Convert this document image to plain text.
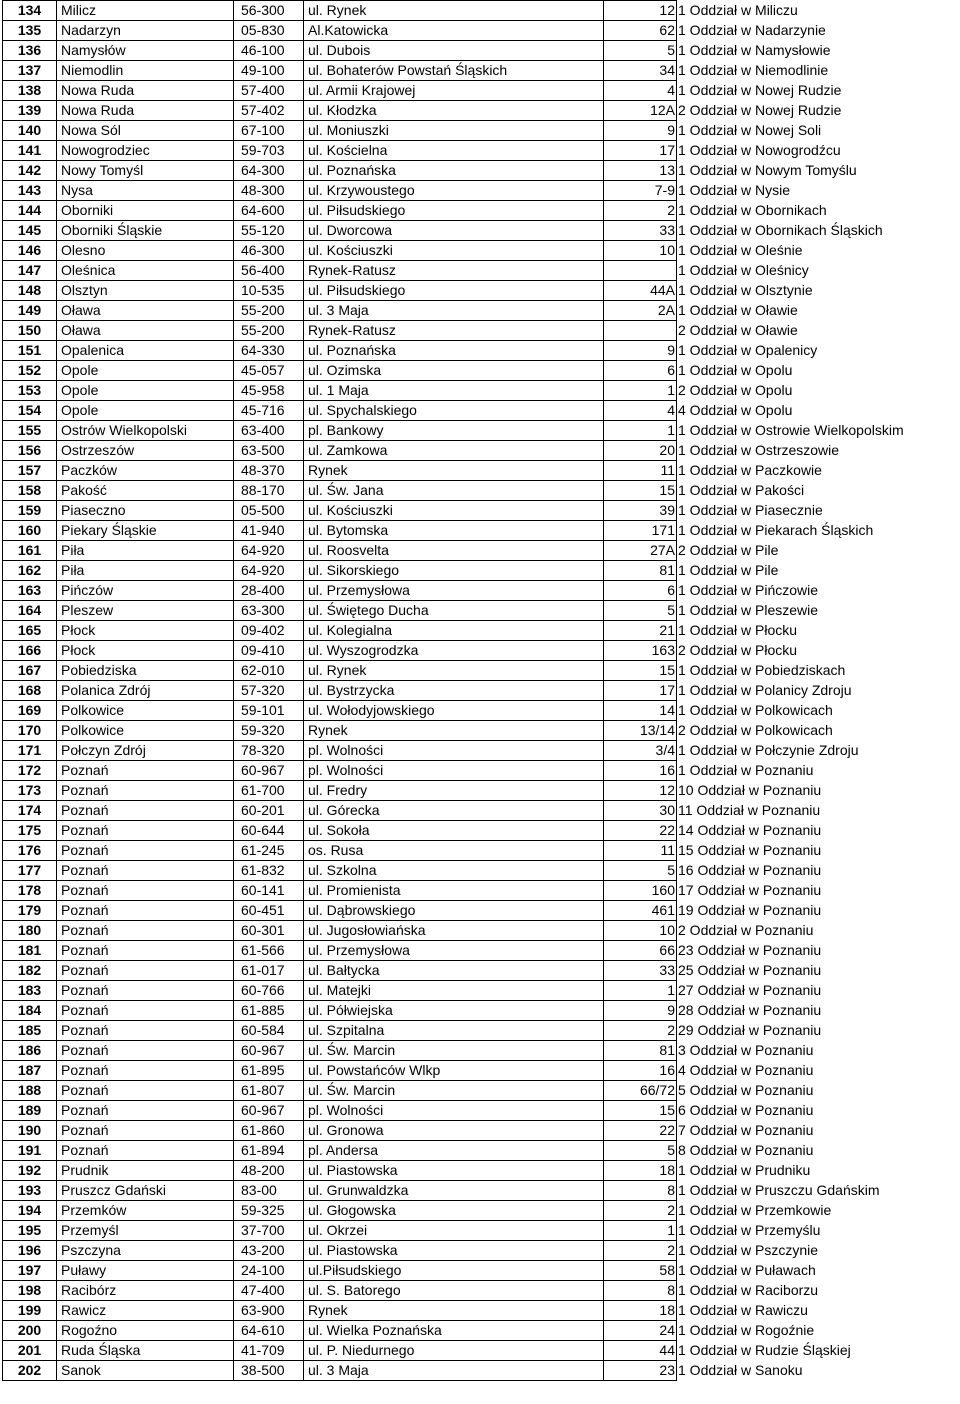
134	Milicz	56-300	ul. Rynek	12	1 Oddział w Miliczu
135	Nadarzyn	05-830	Al.Katowicka	62	1 Oddział w Nadarzynie
136	Namysłów	46-100	ul. Dubois	5	1 Oddział w Namysłowie
137	Niemodlin	49-100	ul. Bohaterów Powstań Śląskich	34	1 Oddział w Niemodlinie
138	Nowa Ruda	57-400	ul. Armii Krajowej	4	1 Oddział w Nowej Rudzie
139	Nowa Ruda	57-402	ul. Kłodzka	12A	2 Oddział w Nowej Rudzie
140	Nowa Sól	67-100	ul. Moniuszki	9	1 Oddział w Nowej Soli
141	Nowogrodziec	59-703	ul. Kościelna	17	1 Oddział w Nowogrodźcu
142	Nowy Tomyśl	64-300	ul. Poznańska	13	1 Oddział w Nowym Tomyślu
143	Nysa	48-300	ul. Krzywoustego	7-9	1 Oddział w Nysie
144	Oborniki	64-600	ul. Piłsudskiego	2	1 Oddział w Obornikach
145	Oborniki Śląskie	55-120	ul. Dworcowa	33	1 Oddział w Obornikach Śląskich
146	Olesno	46-300	ul. Kościuszki	10	1 Oddział w Oleśnie
147	Oleśnica	56-400	Rynek-Ratusz		1 Oddział w Oleśnicy
148	Olsztyn	10-535	ul. Piłsudskiego	44A	1 Oddział w Olsztynie
149	Oława	55-200	ul. 3 Maja	2A	1 Oddział w Oławie
150	Oława	55-200	Rynek-Ratusz		2 Oddział w Oławie
151	Opalenica	64-330	ul. Poznańska	9	1 Oddział w Opalenicy
152	Opole	45-057	ul. Ozimska	6	1 Oddział w Opolu
153	Opole	45-958	ul. 1 Maja	1	2 Oddział w Opolu
154	Opole	45-716	ul. Spychalskiego	4	4 Oddział w Opolu
155	Ostrów Wielkopolski	63-400	pl. Bankowy	1	1 Oddział w Ostrowie Wielkopolskim
156	Ostrzeszów	63-500	ul. Zamkowa	20	1 Oddział w Ostrzeszowie
157	Paczków	48-370	Rynek	11	1 Oddział w Paczkowie
158	Pakość	88-170	ul. Św. Jana	15	1 Oddział w Pakości
159	Piaseczno	05-500	ul. Kościuszki	39	1 Oddział w Piasecznie
160	Piekary Śląskie	41-940	ul. Bytomska	171	1 Oddział w Piekarach Śląskich
161	Piła	64-920	ul. Roosvelta	27A	2 Oddział w Pile
162	Piła	64-920	ul. Sikorskiego	81	1 Oddział w Pile
163	Pińczów	28-400	ul. Przemysłowa	6	1 Oddział w Pińczowie
164	Pleszew	63-300	ul. Świętego Ducha	5	1 Oddział w Pleszewie
165	Płock	09-402	ul. Kolegialna	21	1 Oddział w Płocku
166	Płock	09-410	ul. Wyszogrodzka	163	2 Oddział w Płocku
167	Pobiedziska	62-010	ul. Rynek	15	1 Oddział w Pobiedziskach
168	Polanica Zdrój	57-320	ul. Bystrzycka	17	1 Oddział w Polanicy Zdroju
169	Polkowice	59-101	ul. Wołodyjowskiego	14	1 Oddział w Polkowicach
170	Polkowice	59-320	Rynek	13/14	2 Oddział w Polkowicach
171	Połczyn Zdrój	78-320	pl. Wolności	3/4	1 Oddział w Połczynie Zdroju
172	Poznań	60-967	pl. Wolności	16	1 Oddział w Poznaniu
173	Poznań	61-700	ul. Fredry	12	10 Oddział w Poznaniu
174	Poznań	60-201	ul. Górecka	30	11 Oddział w Poznaniu
175	Poznań	60-644	ul. Sokoła	22	14 Oddział w Poznaniu
176	Poznań	61-245	os. Rusa	11	15 Oddział w Poznaniu
177	Poznań	61-832	ul. Szkolna	5	16 Oddział w Poznaniu
178	Poznań	60-141	ul. Promienista	160	17 Oddział w Poznaniu
179	Poznań	60-451	ul. Dąbrowskiego	461	19 Oddział w Poznaniu
180	Poznań	60-301	ul. Jugosłowiańska	10	2 Oddział w Poznaniu
181	Poznań	61-566	ul. Przemysłowa	66	23 Oddział w Poznaniu
182	Poznań	61-017	ul. Bałtycka	33	25 Oddział w Poznaniu
183	Poznań	60-766	ul. Matejki	1	27 Oddział w Poznaniu
184	Poznań	61-885	ul. Półwiejska	9	28 Oddział w Poznaniu
185	Poznań	60-584	ul. Szpitalna	2	29 Oddział w Poznaniu
186	Poznań	60-967	ul. Św. Marcin	81	3 Oddział w Poznaniu
187	Poznań	61-895	ul. Powstańców Wlkp	16	4 Oddział w Poznaniu
188	Poznań	61-807	ul. Św. Marcin	66/72	5 Oddział w Poznaniu
189	Poznań	60-967	pl. Wolności	15	6 Oddział w Poznaniu
190	Poznań	61-860	ul. Gronowa	22	7 Oddział w Poznaniu
191	Poznań	61-894	pl. Andersa	5	8 Oddział w Poznaniu
192	Prudnik	48-200	ul. Piastowska	18	1 Oddział w Prudniku
193	Pruszcz Gdański	83-00	ul. Grunwaldzka	8	1 Oddział w Pruszczu Gdańskim
194	Przemków	59-325	ul. Głogowska	2	1 Oddział w Przemkowie
195	Przemyśl	37-700	ul. Okrzei	1	1 Oddział w Przemyślu
196	Pszczyna	43-200	ul. Piastowska	2	1 Oddział w Pszczynie
197	Puławy	24-100	ul.Piłsudskiego	58	1 Oddział w Puławach
198	Racibórz	47-400	ul. S. Batorego	8	1 Oddział w Raciborzu
199	Rawicz	63-900	Rynek	18	1 Oddział w Rawiczu
200	Rogoźno	64-610	ul. Wielka Poznańska	24	1 Oddział w Rogoźnie
201	Ruda Śląska	41-709	ul. P. Niedurnego	44	1 Oddział w Rudzie Śląskiej
202	Sanok	38-500	ul. 3 Maja	23	1 Oddział w Sanoku
